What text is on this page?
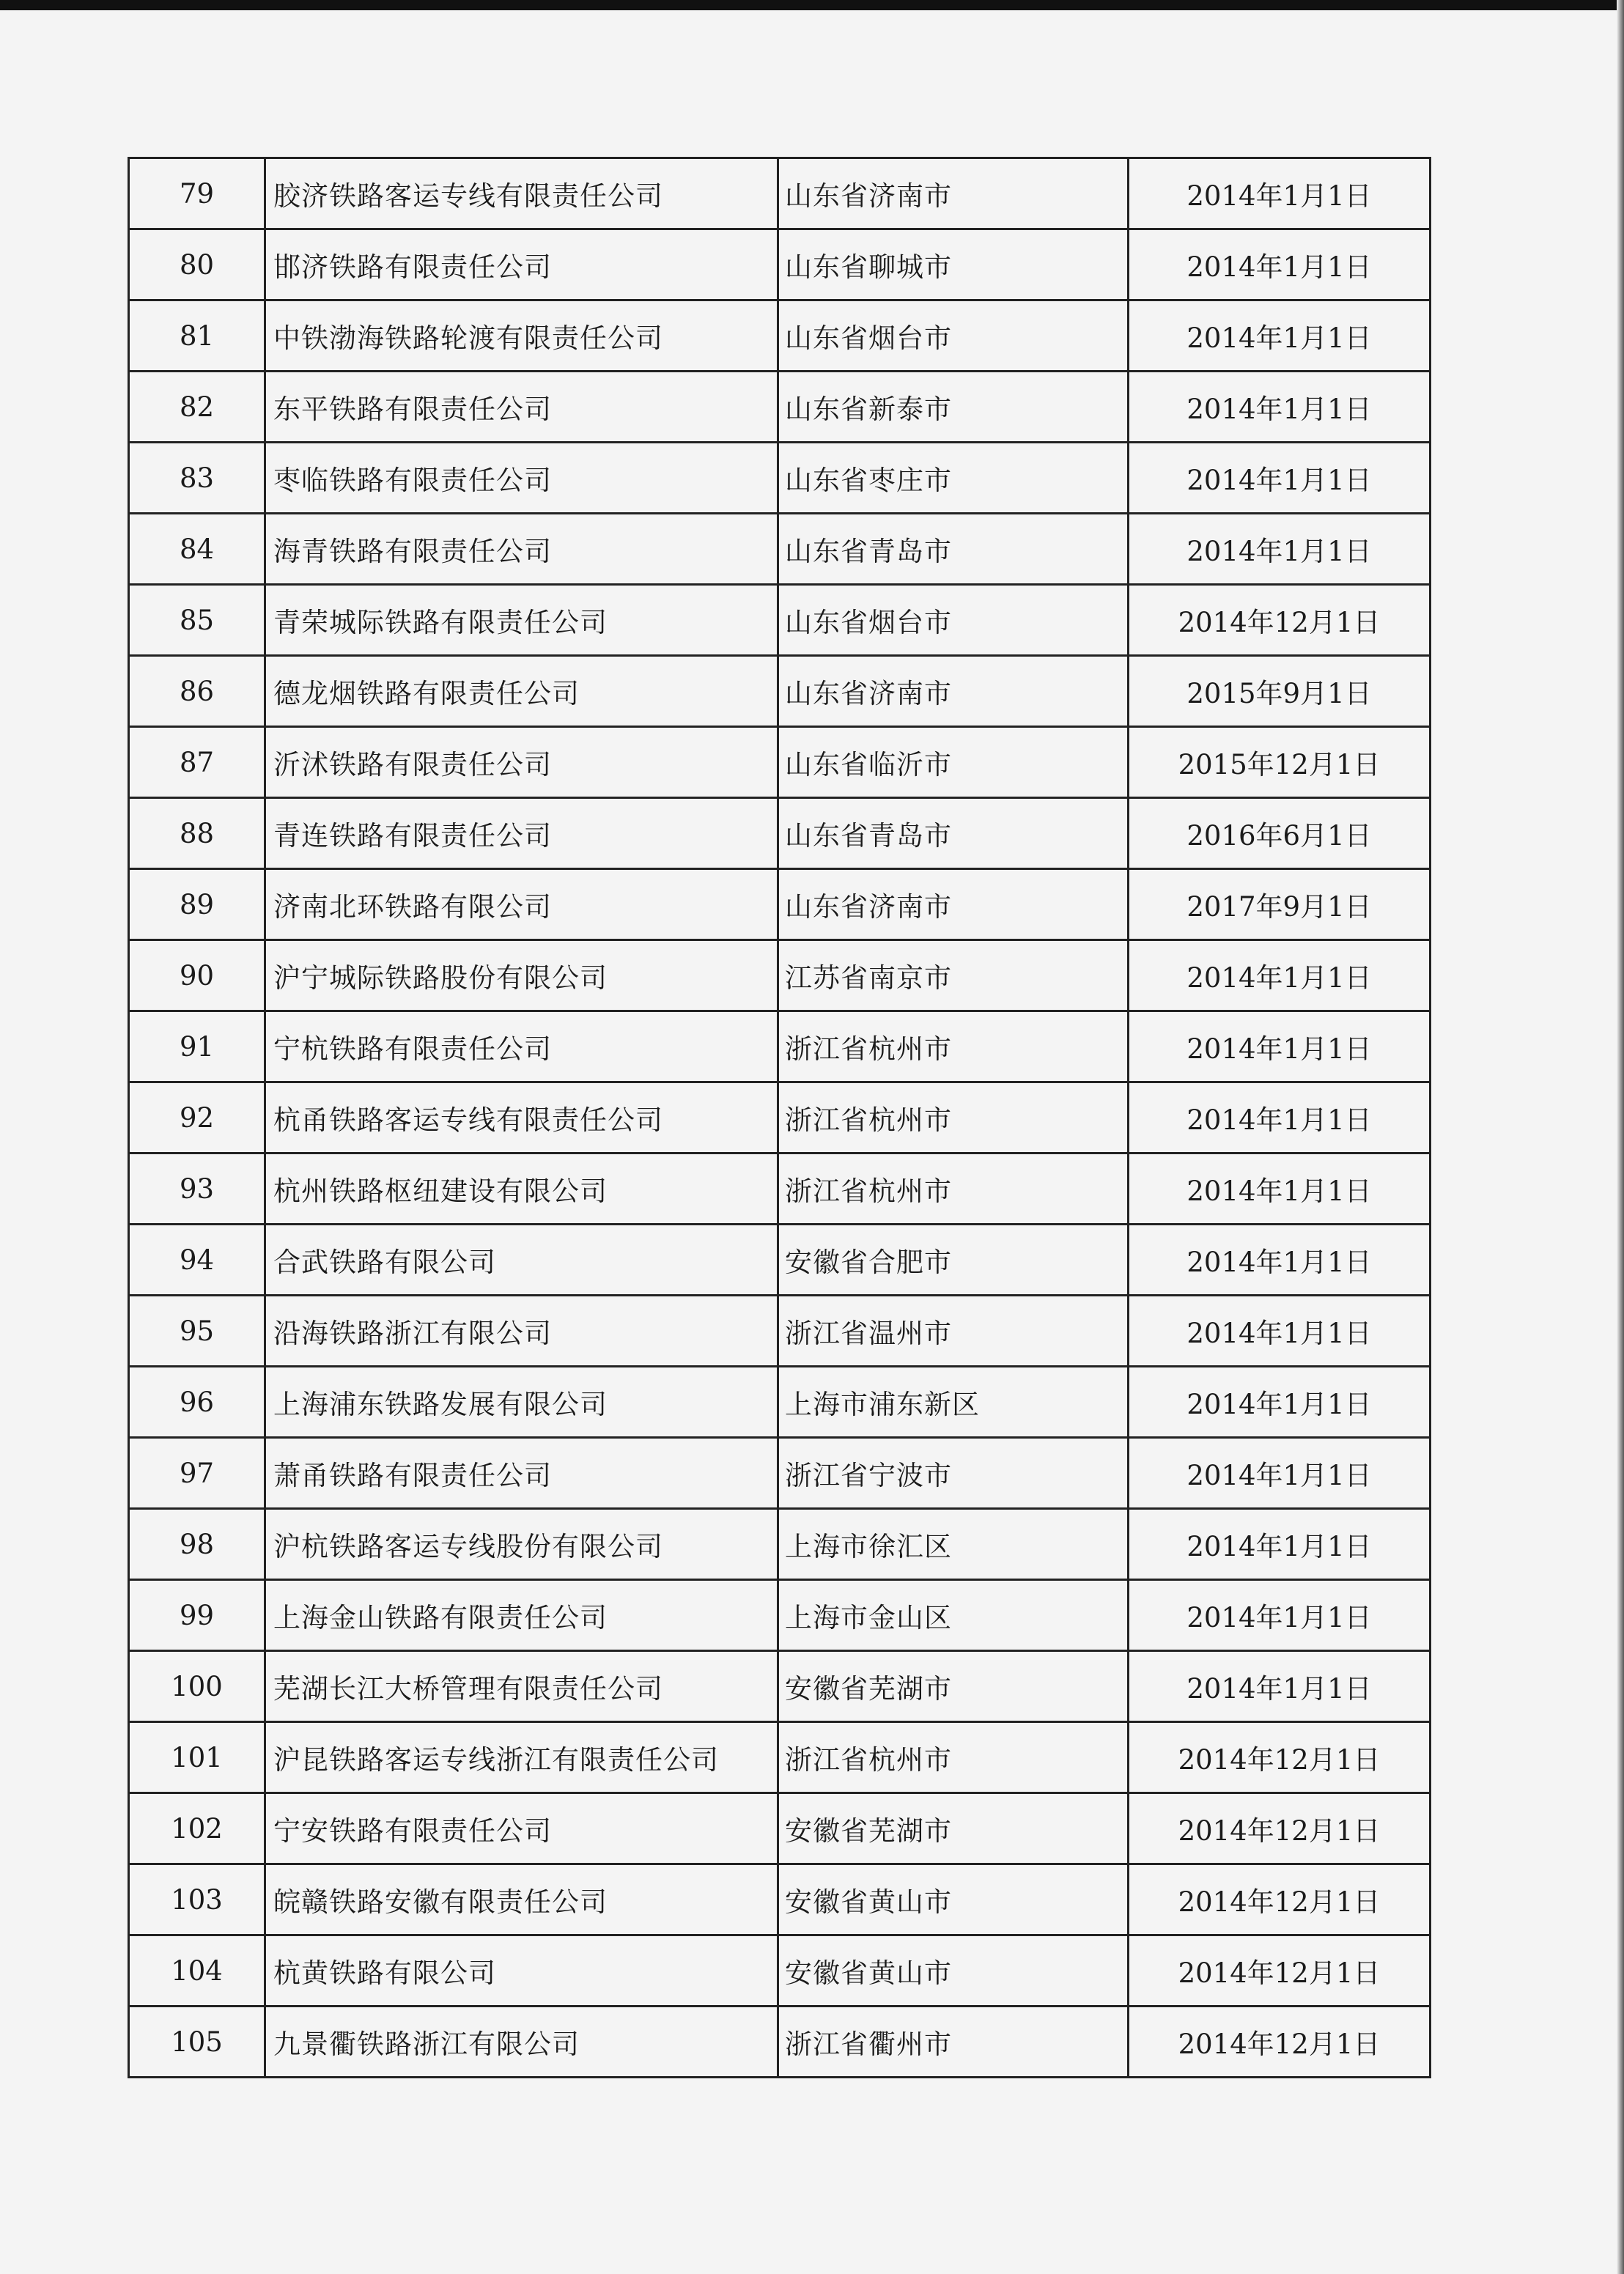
79	胶济铁路客运专线有限责任公司	山东省济南市	2014年1月1日
80	邯济铁路有限责任公司	山东省聊城市	2014年1月1日
81	中铁渤海铁路轮渡有限责任公司	山东省烟台市	2014年1月1日
82	东平铁路有限责任公司	山东省新泰市	2014年1月1日
83	枣临铁路有限责任公司	山东省枣庄市	2014年1月1日
84	海青铁路有限责任公司	山东省青岛市	2014年1月1日
85	青荣城际铁路有限责任公司	山东省烟台市	2014年12月1日
86	德龙烟铁路有限责任公司	山东省济南市	2015年9月1日
87	沂沭铁路有限责任公司	山东省临沂市	2015年12月1日
88	青连铁路有限责任公司	山东省青岛市	2016年6月1日
89	济南北环铁路有限公司	山东省济南市	2017年9月1日
90	沪宁城际铁路股份有限公司	江苏省南京市	2014年1月1日
91	宁杭铁路有限责任公司	浙江省杭州市	2014年1月1日
92	杭甬铁路客运专线有限责任公司	浙江省杭州市	2014年1月1日
93	杭州铁路枢纽建设有限公司	浙江省杭州市	2014年1月1日
94	合武铁路有限公司	安徽省合肥市	2014年1月1日
95	沿海铁路浙江有限公司	浙江省温州市	2014年1月1日
96	上海浦东铁路发展有限公司	上海市浦东新区	2014年1月1日
97	萧甬铁路有限责任公司	浙江省宁波市	2014年1月1日
98	沪杭铁路客运专线股份有限公司	上海市徐汇区	2014年1月1日
99	上海金山铁路有限责任公司	上海市金山区	2014年1月1日
100	芜湖长江大桥管理有限责任公司	安徽省芜湖市	2014年1月1日
101	沪昆铁路客运专线浙江有限责任公司	浙江省杭州市	2014年12月1日
102	宁安铁路有限责任公司	安徽省芜湖市	2014年12月1日
103	皖赣铁路安徽有限责任公司	安徽省黄山市	2014年12月1日
104	杭黄铁路有限公司	安徽省黄山市	2014年12月1日
105	九景衢铁路浙江有限公司	浙江省衢州市	2014年12月1日
